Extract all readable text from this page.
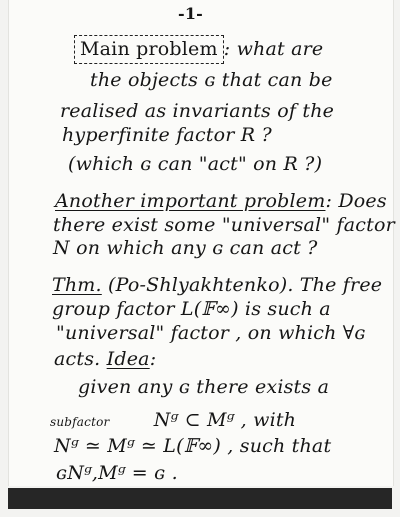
-1-
Main problem : what are
the objects ɢ that can be
realised as invariants of the
hyperfinite factor R ?
(which ɢ can "act" on R ?)
Another important problem: Does
there exist some "universal" factor
N on which any ɢ can act ?
Thm. (Po-Shlyakhtenko). The free
group factor L(𝔽∞) is such a
"universal" factor , on which ∀ɢ
acts. Idea:
given any ɢ there exists a
subfactor Nᵍ ⊂ Mᵍ , with
Nᵍ ≃ Mᵍ ≃ L(𝔽∞) , such that
ɢNᵍ,Mᵍ = ɢ .
